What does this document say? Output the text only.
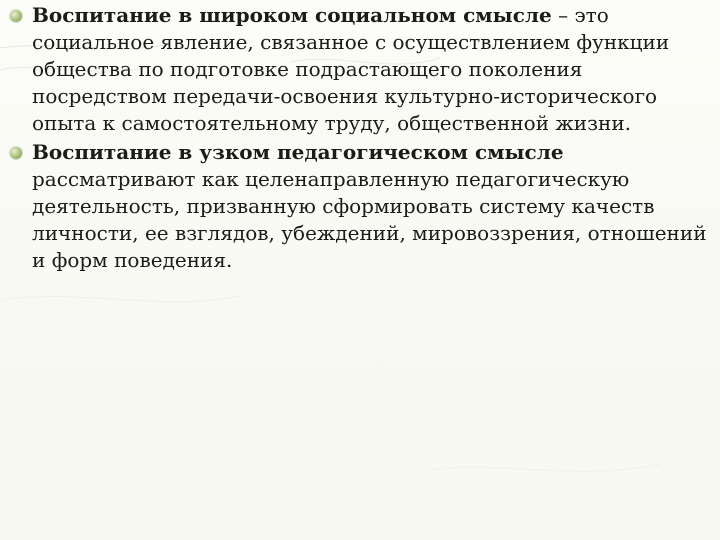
Воспитание в широком социальном смысле – это социальное явление, связанное с осуществлением функции общества по подготовке подрастающего поколения посредством передачи-освоения культурно-исторического опыта к самостоятельному труду, общественной жизни.
Воспитание в узком педагогическом смысле рассматривают как целенаправленную педагогическую деятельность, призванную сформировать систему качеств личности, ее взглядов, убеждений, мировоззрения, отношений и форм поведения.
